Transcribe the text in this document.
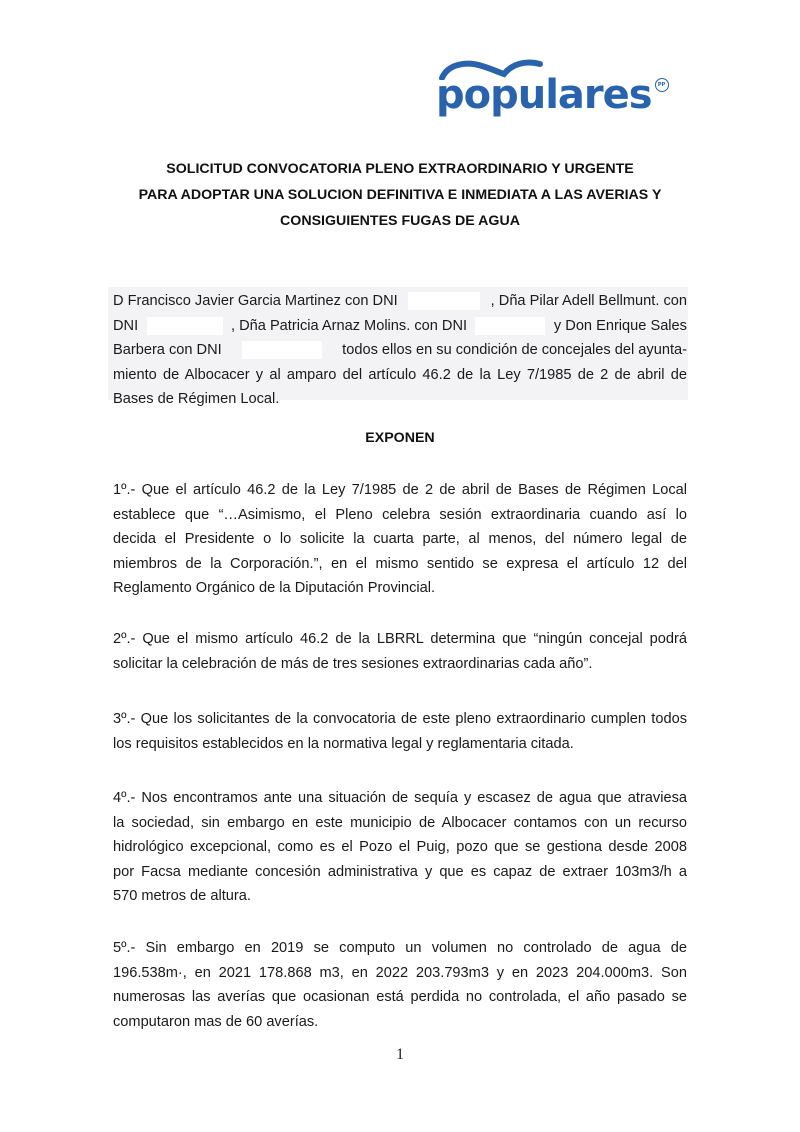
populares	PP
SOLICITUD CONVOCATORIA PLENO EXTRAORDINARIO Y URGENTE
PARA ADOPTAR UNA SOLUCION DEFINITIVA E INMEDIATA A LAS AVERIAS Y
CONSIGUIENTES FUGAS DE AGUA
D Francisco Javier Garcia Martinez con DNI	, Dña Pilar Adell Bellmunt. con
DNI	, Dña Patricia Arnaz Molins. con DNI	y Don Enrique Sales
Barbera con DNI	todos ellos en su condición de concejales del ayunta-
miento de Albocacer y al amparo del artículo 46.2 de la Ley 7/1985 de 2 de abril de
Bases de Régimen Local.
EXPONEN
1º.- Que el artículo 46.2 de la Ley 7/1985 de 2 de abril de Bases de Régimen Local
establece que “…Asimismo, el Pleno celebra sesión extraordinaria cuando así lo
decida el Presidente o lo solicite la cuarta parte, al menos, del número legal de
miembros de la Corporación.”, en el mismo sentido se expresa el artículo 12 del
Reglamento Orgánico de la Diputación Provincial.
2º.- Que el mismo artículo 46.2 de la LBRRL determina que “ningún concejal podrá
solicitar la celebración de más de tres sesiones extraordinarias cada año”.
3º.- Que los solicitantes de la convocatoria de este pleno extraordinario cumplen todos
los requisitos establecidos en la normativa legal y reglamentaria citada.
4º.- Nos encontramos ante una situación de sequía y escasez de agua que atraviesa
la sociedad, sin embargo en este municipio de Albocacer contamos con un recurso
hidrológico excepcional, como es el Pozo el Puig, pozo que se gestiona desde 2008
por Facsa mediante concesión administrativa y que es capaz de extraer 103m3/h a
570 metros de altura.
5º.- Sin embargo en 2019 se computo un volumen no controlado de agua de
196.538m·, en 2021 178.868 m3, en 2022 203.793m3 y en 2023 204.000m3. Son
numerosas las averías que ocasionan está perdida no controlada, el año pasado se
computaron mas de 60 averías.
1
